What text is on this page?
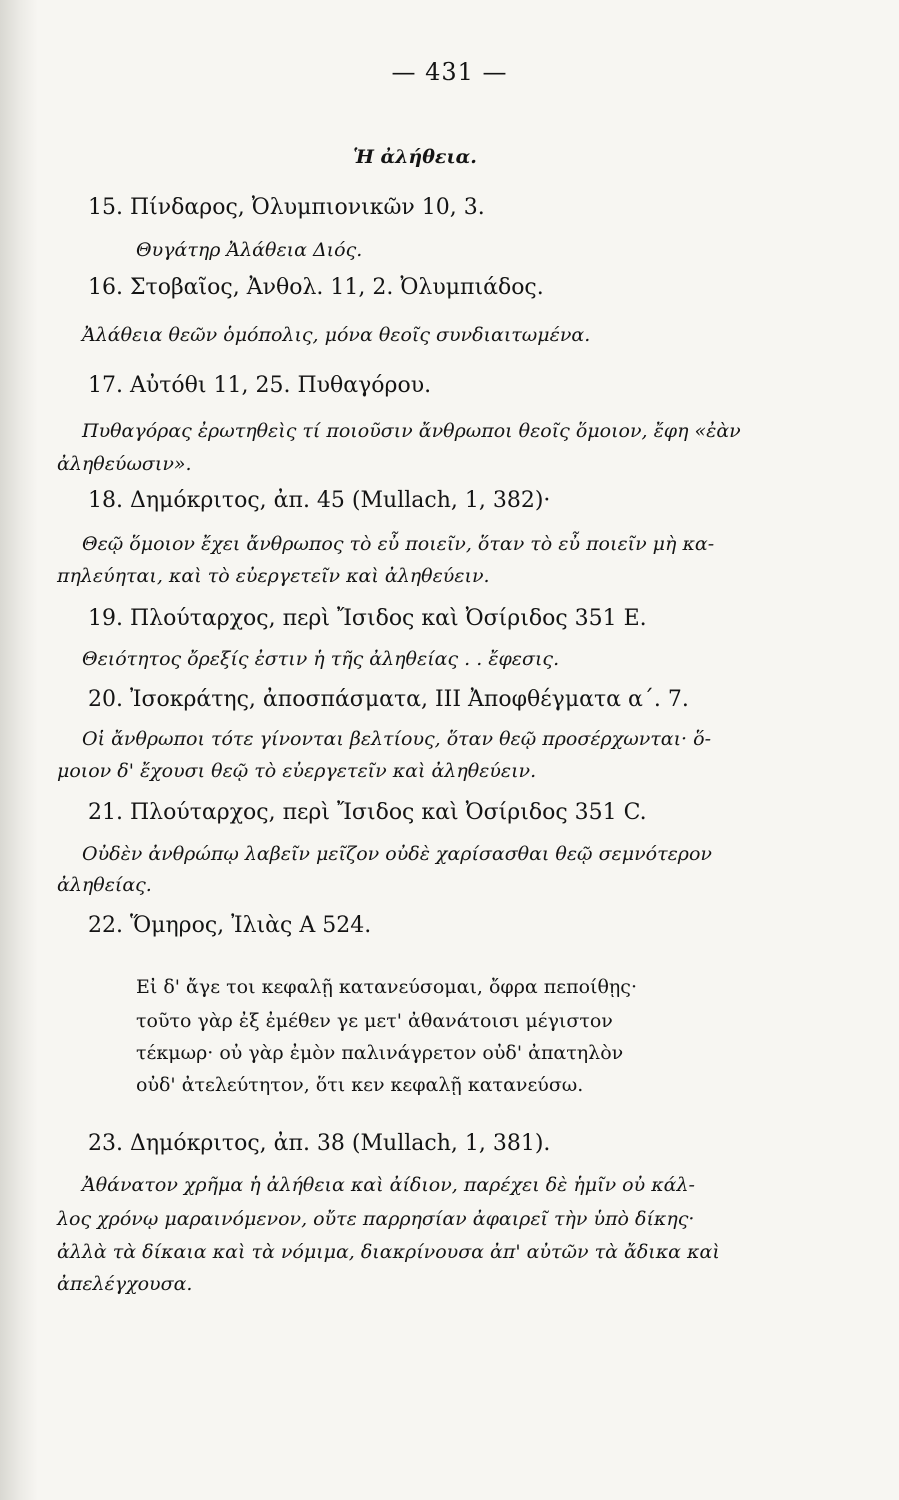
— 431 —
Ἡ ἀλήθεια.
15. Πίνδαρος, Ὀλυμπιονικῶν 10, 3.
Θυγάτηρ Ἀλάθεια Διός.
16. Στοβαῖος, Ἀνθολ. 11, 2. Ὀλυμπιάδος.
Ἀλάθεια θεῶν ὁμόπολις, μόνα θεοῖς συνδιαιτωμένα.
17. Αὐτόθι 11, 25. Πυθαγόρου.
Πυθαγόρας ἐρωτηθεὶς τί ποιοῦσιν ἄνθρωποι θεοῖς ὅμοιον, ἔφη «ἐὰν
ἀληθεύωσιν».
18. Δημόκριτος, ἀπ. 45 (Mullach, 1, 382)·
Θεῷ ὅμοιον ἔχει ἄνθρωπος τὸ εὖ ποιεῖν, ὅταν τὸ εὖ ποιεῖν μὴ κα-
πηλεύηται, καὶ τὸ εὐεργετεῖν καὶ ἀληθεύειν.
19. Πλούταρχος, περὶ Ἴσιδος καὶ Ὀσίριδος 351 E.
Θειότητος ὄρεξίς ἐστιν ἡ τῆς ἀληθείας . . ἔφεσις.
20. Ἰσοκράτης, ἀποσπάσματα, III Ἀποφθέγματα α΄. 7.
Οἱ ἄνθρωποι τότε γίνονται βελτίους, ὅταν θεῷ προσέρχωνται· ὅ-
μοιον δ' ἔχουσι θεῷ τὸ εὐεργετεῖν καὶ ἀληθεύειν.
21. Πλούταρχος, περὶ Ἴσιδος καὶ Ὀσίριδος 351 C.
Οὐδὲν ἀνθρώπῳ λαβεῖν μεῖζον οὐδὲ χαρίσασθαι θεῷ σεμνότερον
ἀληθείας.
22. Ὅμηρος, Ἰλιὰς Α 524.
Εἰ δ' ἄγε τοι κεφαλῇ κατανεύσομαι, ὄφρα πεποίθῃς·
τοῦτο γὰρ ἐξ ἐμέθεν γε μετ' ἀθανάτοισι μέγιστον
τέκμωρ· οὐ γὰρ ἐμὸν παλινάγρετον οὐδ' ἀπατηλὸν
οὐδ' ἀτελεύτητον, ὅτι κεν κεφαλῇ κατανεύσω.
23. Δημόκριτος, ἀπ. 38 (Mullach, 1, 381).
Ἀθάνατον χρῆμα ἡ ἀλήθεια καὶ ἀίδιον, παρέχει δὲ ἡμῖν οὐ κάλ-
λος χρόνῳ μαραινόμενον, οὔτε παρρησίαν ἀφαιρεῖ τὴν ὑπὸ δίκης·
ἀλλὰ τὰ δίκαια καὶ τὰ νόμιμα, διακρίνουσα ἀπ' αὐτῶν τὰ ἄδικα καὶ
ἀπελέγχουσα.
